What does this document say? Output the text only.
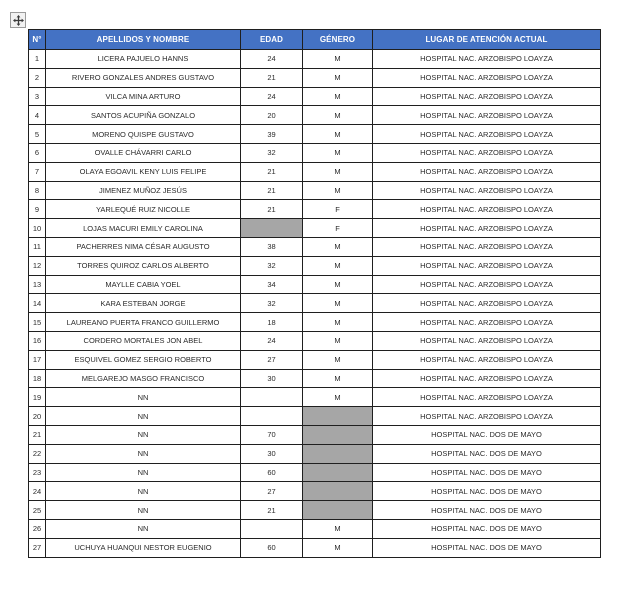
N°	APELLIDOS Y NOMBRE	EDAD	GÉNERO	LUGAR DE ATENCIÓN ACTUAL
1	LICERA PAJUELO HANNS	24	M	HOSPITAL NAC. ARZOBISPO LOAYZA
2	RIVERO GONZALES ANDRES GUSTAVO	21	M	HOSPITAL NAC. ARZOBISPO LOAYZA
3	VILCA MINA ARTURO	24	M	HOSPITAL NAC. ARZOBISPO LOAYZA
4	SANTOS ACUPIÑA GONZALO	20	M	HOSPITAL NAC. ARZOBISPO LOAYZA
5	MORENO QUISPE GUSTAVO	39	M	HOSPITAL NAC. ARZOBISPO LOAYZA
6	OVALLE CHÁVARRI CARLO	32	M	HOSPITAL NAC. ARZOBISPO LOAYZA
7	OLAYA EGOAVIL KENY LUIS FELIPE	21	M	HOSPITAL NAC. ARZOBISPO LOAYZA
8	JIMENEZ MUÑOZ JESÚS	21	M	HOSPITAL NAC. ARZOBISPO LOAYZA
9	YARLEQUÉ RUIZ NICOLLE	21	F	HOSPITAL NAC. ARZOBISPO LOAYZA
10	LOJAS MACURI EMILY CAROLINA		F	HOSPITAL NAC. ARZOBISPO LOAYZA
11	PACHERRES NIMA CÉSAR AUGUSTO	38	M	HOSPITAL NAC. ARZOBISPO LOAYZA
12	TORRES QUIROZ CARLOS ALBERTO	32	M	HOSPITAL NAC. ARZOBISPO LOAYZA
13	MAYLLE CABIA YOEL	34	M	HOSPITAL NAC. ARZOBISPO LOAYZA
14	KARA ESTEBAN JORGE	32	M	HOSPITAL NAC. ARZOBISPO LOAYZA
15	LAUREANO PUERTA FRANCO GUILLERMO	18	M	HOSPITAL NAC. ARZOBISPO LOAYZA
16	CORDERO MORTALES JON ABEL	24	M	HOSPITAL NAC. ARZOBISPO LOAYZA
17	ESQUIVEL GOMEZ SERGIO ROBERTO	27	M	HOSPITAL NAC. ARZOBISPO LOAYZA
18	MELGAREJO MASGO FRANCISCO	30	M	HOSPITAL NAC. ARZOBISPO LOAYZA
19	NN		M	HOSPITAL NAC. ARZOBISPO LOAYZA
20	NN			HOSPITAL NAC. ARZOBISPO LOAYZA
21	NN	70		HOSPITAL NAC. DOS DE MAYO
22	NN	30		HOSPITAL NAC. DOS DE MAYO
23	NN	60		HOSPITAL NAC. DOS DE MAYO
24	NN	27		HOSPITAL NAC. DOS DE MAYO
25	NN	21		HOSPITAL NAC. DOS DE MAYO
26	NN		M	HOSPITAL NAC. DOS DE MAYO
27	UCHUYA HUANQUI NESTOR EUGENIO	60	M	HOSPITAL NAC. DOS DE MAYO
